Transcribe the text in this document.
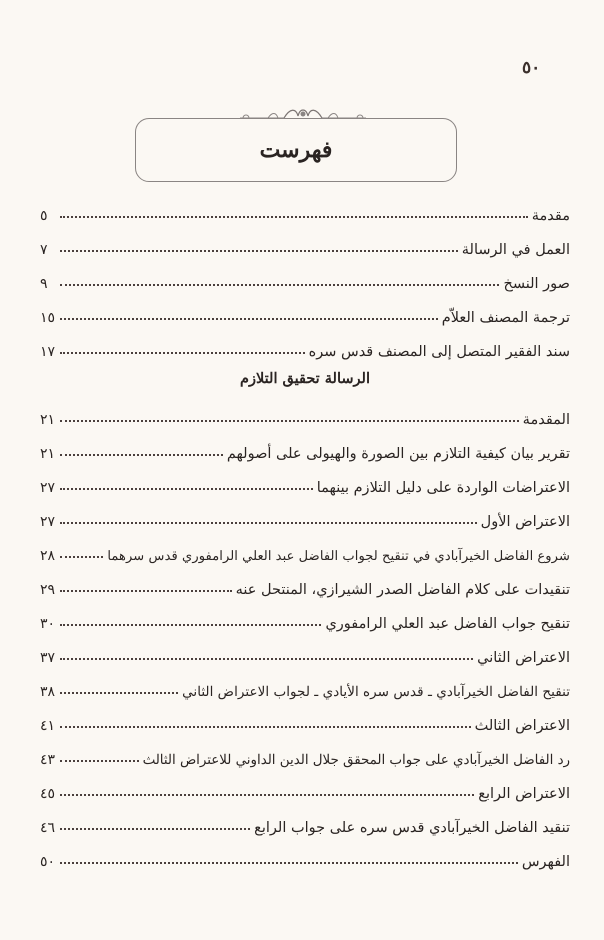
٥٠
فهرست
مقدمة
٥
العمل في الرسالة
٧
صور النسخ
٩
ترجمة المصنف العلاّم
١٥
سند الفقير المتصل إلى المصنف قدس سره
١٧
الرسالة تحقيق التلازم
المقدمة
٢١
تقرير بيان كيفية التلازم بين الصورة والهيولى على أصولهم
٢١
الاعتراضات الواردة على دليل التلازم بينهما
٢٧
الاعتراض الأول
٢٧
شروع الفاضل الخيرآبادي في تنقيح لجواب الفاضل عبد العلي الرامفوري قدس سرهما
٢٨
تنقيدات على كلام الفاضل الصدر الشيرازي، المنتحل عنه
٢٩
تنقيح جواب الفاضل عبد العلي الرامفوري
٣٠
الاعتراض الثاني
٣٧
تنقيح الفاضل الخيرآبادي ـ قدس سره الأيادي ـ لجواب الاعتراض الثاني
٣٨
الاعتراض الثالث
٤١
رد الفاضل الخيرآبادي على جواب المحقق جلال الدين الداوني للاعتراض الثالث
٤٣
الاعتراض الرابع
٤٥
تنقيد الفاضل الخيرآبادي قدس سره على جواب الرابع
٤٦
الفهرس
٥٠
